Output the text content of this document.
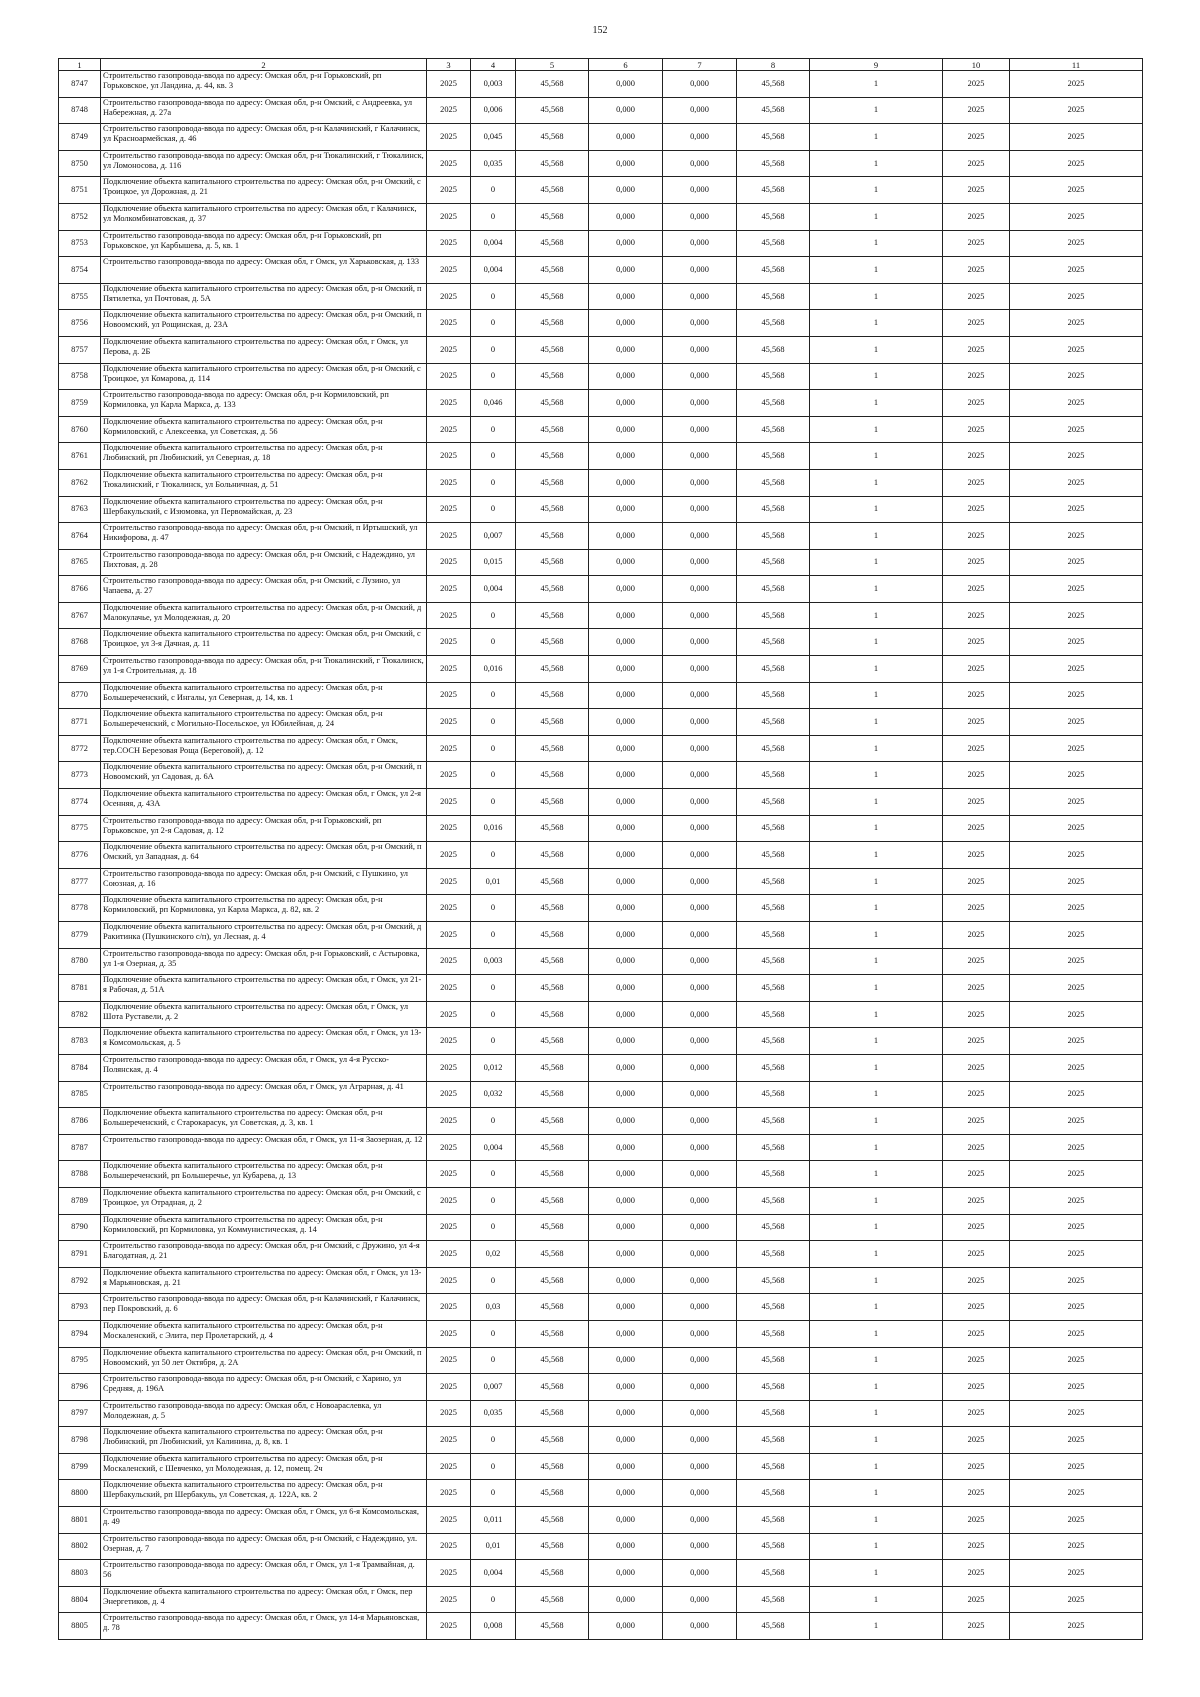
152
1	2	3	4	5	6	7	8	9	10	11
8747	Строительство газопровода-ввода по адресу: Омская обл, р-н Горьковский, рп Горьковское, ул Ландина, д. 44, кв. 3	2025	0,003	45,568	0,000	0,000	45,568	1	2025	2025
8748	Строительство газопровода-ввода по адресу: Омская обл, р-н Омский, с Андреевка, ул Набережная, д. 27а	2025	0,006	45,568	0,000	0,000	45,568	1	2025	2025
8749	Строительство газопровода-ввода по адресу: Омская обл, р-н Калачинский, г Калачинск, ул Красноармейская, д. 46	2025	0,045	45,568	0,000	0,000	45,568	1	2025	2025
8750	Строительство газопровода-ввода по адресу: Омская обл, р-н Тюкалинский, г Тюкалинск, ул Ломоносова, д. 116	2025	0,035	45,568	0,000	0,000	45,568	1	2025	2025
8751	Подключение объекта капитального строительства по адресу: Омская обл, р-н Омский, с Троицкое, ул Дорожная, д. 21	2025	0	45,568	0,000	0,000	45,568	1	2025	2025
8752	Подключение объекта капитального строительства по адресу: Омская обл, г Калачинск, ул Молкомбинатовская, д. 37	2025	0	45,568	0,000	0,000	45,568	1	2025	2025
8753	Строительство газопровода-ввода по адресу: Омская обл, р-н Горьковский, рп Горьковское, ул Карбышева, д. 5, кв. 1	2025	0,004	45,568	0,000	0,000	45,568	1	2025	2025
8754	Строительство газопровода-ввода по адресу: Омская обл, г Омск, ул Харьковская, д. 133	2025	0,004	45,568	0,000	0,000	45,568	1	2025	2025
8755	Подключение объекта капитального строительства по адресу: Омская обл, р-н Омский, п Пятилетка, ул Почтовая, д. 5А	2025	0	45,568	0,000	0,000	45,568	1	2025	2025
8756	Подключение объекта капитального строительства по адресу: Омская обл, р-н Омский, п Новоомский, ул Рощинская, д. 23А	2025	0	45,568	0,000	0,000	45,568	1	2025	2025
8757	Подключение объекта капитального строительства по адресу: Омская обл, г Омск, ул Перова, д. 2Б	2025	0	45,568	0,000	0,000	45,568	1	2025	2025
8758	Подключение объекта капитального строительства по адресу: Омская обл, р-н Омский, с Троицкое, ул Комарова, д. 114	2025	0	45,568	0,000	0,000	45,568	1	2025	2025
8759	Строительство газопровода-ввода по адресу: Омская обл, р-н Кормиловский, рп Кормиловка, ул Карла Маркса, д. 133	2025	0,046	45,568	0,000	0,000	45,568	1	2025	2025
8760	Подключение объекта капитального строительства по адресу: Омская обл, р-н Кормиловский, с Алексеевка, ул Советская, д. 56	2025	0	45,568	0,000	0,000	45,568	1	2025	2025
8761	Подключение объекта капитального строительства по адресу: Омская обл, р-н Любинский, рп Любинский, ул Северная, д. 18	2025	0	45,568	0,000	0,000	45,568	1	2025	2025
8762	Подключение объекта капитального строительства по адресу: Омская обл, р-н Тюкалинский, г Тюкалинск, ул Больничная, д. 51	2025	0	45,568	0,000	0,000	45,568	1	2025	2025
8763	Подключение объекта капитального строительства по адресу: Омская обл, р-н Шербакульский, с Изюмовка, ул Первомайская, д. 23	2025	0	45,568	0,000	0,000	45,568	1	2025	2025
8764	Строительство газопровода-ввода по адресу: Омская обл, р-н Омский, п Иртышский, ул Никифорова, д. 47	2025	0,007	45,568	0,000	0,000	45,568	1	2025	2025
8765	Строительство газопровода-ввода по адресу: Омская обл, р-н Омский, с Надеждино, ул Пихтовая, д. 28	2025	0,015	45,568	0,000	0,000	45,568	1	2025	2025
8766	Строительство газопровода-ввода по адресу: Омская обл, р-н Омский, с Лузино, ул Чапаева, д. 27	2025	0,004	45,568	0,000	0,000	45,568	1	2025	2025
8767	Подключение объекта капитального строительства по адресу: Омская обл, р-н Омский, д Малокулачье, ул Молодежная, д. 20	2025	0	45,568	0,000	0,000	45,568	1	2025	2025
8768	Подключение объекта капитального строительства по адресу: Омская обл, р-н Омский, с Троицкое, ул 3-я Дачная, д. 11	2025	0	45,568	0,000	0,000	45,568	1	2025	2025
8769	Строительство газопровода-ввода по адресу: Омская обл, р-н Тюкалинский, г Тюкалинск, ул 1-я Строительная, д. 18	2025	0,016	45,568	0,000	0,000	45,568	1	2025	2025
8770	Подключение объекта капитального строительства по адресу: Омская обл, р-н Большереченский, с Ингалы, ул Северная, д. 14, кв. 1	2025	0	45,568	0,000	0,000	45,568	1	2025	2025
8771	Подключение объекта капитального строительства по адресу: Омская обл, р-н Большереченский, с Могильно-Посельское, ул Юбилейная, д. 24	2025	0	45,568	0,000	0,000	45,568	1	2025	2025
8772	Подключение объекта капитального строительства по адресу: Омская обл, г Омск, тер.СОСН Березовая Роща (Береговой), д. 12	2025	0	45,568	0,000	0,000	45,568	1	2025	2025
8773	Подключение объекта капитального строительства по адресу: Омская обл, р-н Омский, п Новоомский, ул Садовая, д. 6А	2025	0	45,568	0,000	0,000	45,568	1	2025	2025
8774	Подключение объекта капитального строительства по адресу: Омская обл, г Омск, ул 2-я Осенняя, д. 43А	2025	0	45,568	0,000	0,000	45,568	1	2025	2025
8775	Строительство газопровода-ввода по адресу: Омская обл, р-н Горьковский, рп Горьковское, ул 2-я Садовая, д. 12	2025	0,016	45,568	0,000	0,000	45,568	1	2025	2025
8776	Подключение объекта капитального строительства по адресу: Омская обл, р-н Омский, п Омский, ул Западная, д. 64	2025	0	45,568	0,000	0,000	45,568	1	2025	2025
8777	Строительство газопровода-ввода по адресу: Омская обл, р-н Омский, с Пушкино, ул Союзная, д. 16	2025	0,01	45,568	0,000	0,000	45,568	1	2025	2025
8778	Подключение объекта капитального строительства по адресу: Омская обл, р-н Кормиловский, рп Кормиловка, ул Карла Маркса, д. 82, кв. 2	2025	0	45,568	0,000	0,000	45,568	1	2025	2025
8779	Подключение объекта капитального строительства по адресу: Омская обл, р-н Омский, д Ракитинка (Пушкинского с/п), ул Лесная, д. 4	2025	0	45,568	0,000	0,000	45,568	1	2025	2025
8780	Строительство газопровода-ввода по адресу: Омская обл, р-н Горьковский, с Астыровка, ул 1-я Озерная, д. 35	2025	0,003	45,568	0,000	0,000	45,568	1	2025	2025
8781	Подключение объекта капитального строительства по адресу: Омская обл, г Омск, ул 21-я Рабочая, д. 51А	2025	0	45,568	0,000	0,000	45,568	1	2025	2025
8782	Подключение объекта капитального строительства по адресу: Омская обл, г Омск, ул Шота Руставели, д. 2	2025	0	45,568	0,000	0,000	45,568	1	2025	2025
8783	Подключение объекта капитального строительства по адресу: Омская обл, г Омск, ул 13-я Комсомольская, д. 5	2025	0	45,568	0,000	0,000	45,568	1	2025	2025
8784	Строительство газопровода-ввода по адресу: Омская обл, г Омск, ул 4-я Русско-Полянская, д. 4	2025	0,012	45,568	0,000	0,000	45,568	1	2025	2025
8785	Строительство газопровода-ввода по адресу: Омская обл, г Омск, ул Аграрная, д. 41	2025	0,032	45,568	0,000	0,000	45,568	1	2025	2025
8786	Подключение объекта капитального строительства по адресу: Омская обл, р-н Большереченский, с Старокарасук, ул Советская, д. 3, кв. 1	2025	0	45,568	0,000	0,000	45,568	1	2025	2025
8787	Строительство газопровода-ввода по адресу: Омская обл, г Омск, ул 11-я Заозерная, д. 12	2025	0,004	45,568	0,000	0,000	45,568	1	2025	2025
8788	Подключение объекта капитального строительства по адресу: Омская обл, р-н Большереченский, рп Большеречье, ул Кубарева, д. 13	2025	0	45,568	0,000	0,000	45,568	1	2025	2025
8789	Подключение объекта капитального строительства по адресу: Омская обл, р-н Омский, с Троицкое, ул Отрадная, д. 2	2025	0	45,568	0,000	0,000	45,568	1	2025	2025
8790	Подключение объекта капитального строительства по адресу: Омская обл, р-н Кормиловский, рп Кормиловка, ул Коммунистическая, д. 14	2025	0	45,568	0,000	0,000	45,568	1	2025	2025
8791	Строительство газопровода-ввода по адресу: Омская обл, р-н Омский, с Дружино, ул 4-я Благодатная, д. 21	2025	0,02	45,568	0,000	0,000	45,568	1	2025	2025
8792	Подключение объекта капитального строительства по адресу: Омская обл, г Омск, ул 13-я Марьяновская, д. 21	2025	0	45,568	0,000	0,000	45,568	1	2025	2025
8793	Строительство газопровода-ввода по адресу: Омская обл, р-н Калачинский, г Калачинск, пер Покровский, д. 6	2025	0,03	45,568	0,000	0,000	45,568	1	2025	2025
8794	Подключение объекта капитального строительства по адресу: Омская обл, р-н Москаленский, с Элита, пер Пролетарский, д. 4	2025	0	45,568	0,000	0,000	45,568	1	2025	2025
8795	Подключение объекта капитального строительства по адресу: Омская обл, р-н Омский, п Новоомский, ул 50 лет Октября, д. 2А	2025	0	45,568	0,000	0,000	45,568	1	2025	2025
8796	Строительство газопровода-ввода по адресу: Омская обл, р-н Омский, с Харино, ул Средняя, д. 196А	2025	0,007	45,568	0,000	0,000	45,568	1	2025	2025
8797	Строительство газопровода-ввода по адресу: Омская обл, с Новоараслевка, ул Молодежная, д. 5	2025	0,035	45,568	0,000	0,000	45,568	1	2025	2025
8798	Подключение объекта капитального строительства по адресу: Омская обл, р-н Любинский, рп Любинский, ул Калинина, д. 8, кв. 1	2025	0	45,568	0,000	0,000	45,568	1	2025	2025
8799	Подключение объекта капитального строительства по адресу: Омская обл, р-н Москаленский, с Шевченко, ул Молодежная, д. 12, помещ. 2ч	2025	0	45,568	0,000	0,000	45,568	1	2025	2025
8800	Подключение объекта капитального строительства по адресу: Омская обл, р-н Шербакульский, рп Шербакуль, ул Советская, д. 122А, кв. 2	2025	0	45,568	0,000	0,000	45,568	1	2025	2025
8801	Строительство газопровода-ввода по адресу: Омская обл, г Омск, ул 6-я Комсомольская, д. 49	2025	0,011	45,568	0,000	0,000	45,568	1	2025	2025
8802	Строительство газопровода-ввода по адресу: Омская обл, р-н Омский, с Надеждино, ул. Озерная, д. 7	2025	0,01	45,568	0,000	0,000	45,568	1	2025	2025
8803	Строительство газопровода-ввода по адресу: Омская обл, г Омск, ул 1-я Трамвайная, д. 56	2025	0,004	45,568	0,000	0,000	45,568	1	2025	2025
8804	Подключение объекта капитального строительства по адресу: Омская обл, г Омск, пер Энергетиков, д. 4	2025	0	45,568	0,000	0,000	45,568	1	2025	2025
8805	Строительство газопровода-ввода по адресу: Омская обл, г Омск, ул 14-я Марьяновская, д. 78	2025	0,008	45,568	0,000	0,000	45,568	1	2025	2025
